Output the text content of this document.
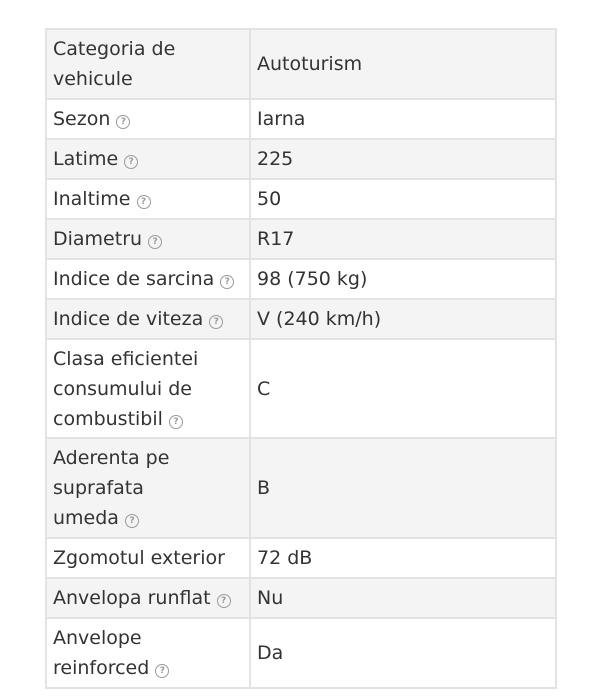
Categoria de vehicule	Autoturism
Sezon ?	Iarna
Latime ?	225
Inaltime ?	50
Diametru ?	R17
Indice de sarcina ?	98 (750 kg)
Indice de viteza ?	V (240 km/h)
Clasa eficientei consumului de combustibil ?	C
Aderenta pe suprafata umeda ?	B
Zgomotul exterior	72 dB
Anvelopa runflat ?	Nu
Anvelope reinforced ?	Da
